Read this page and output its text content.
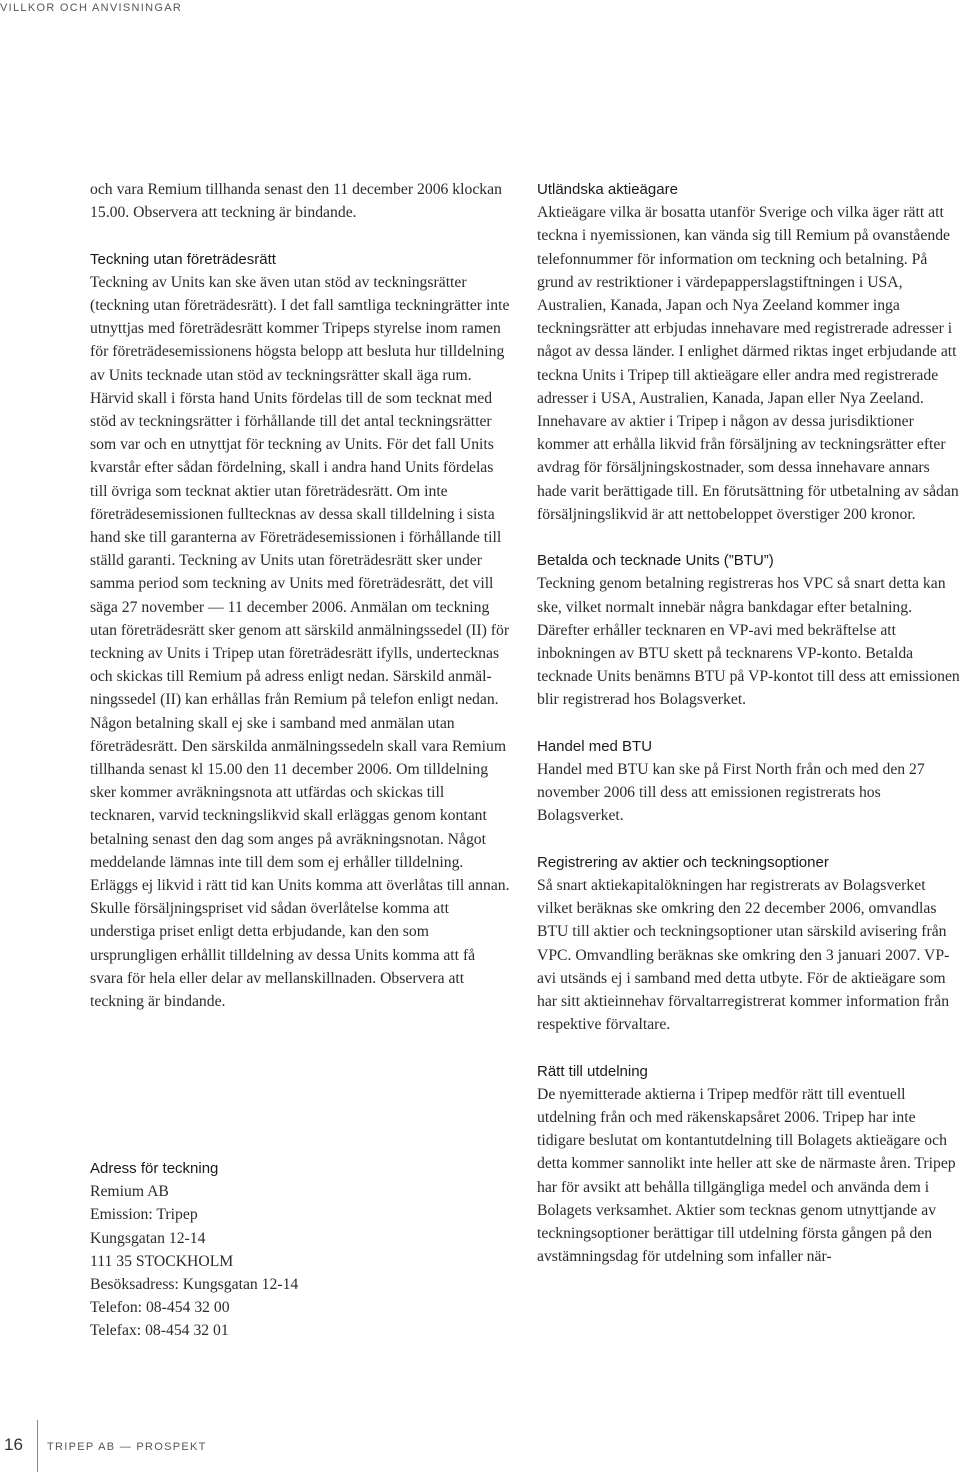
VILLKOR OCH ANVISNINGAR

och vara Remium tillhanda senast den 11 december 2006 klockan 15.00. Observera att teckning är bindande.

Teckning utan företrädesrätt

Teckning av Units kan ske även utan stöd av teckningsrätter (teckning utan företrädesrätt). I det fall samtliga teckningrätter inte utnyttjas med företrädesrätt kommer Tripeps styrelse inom ramen för företrädesemissionens högsta belopp att besluta hur tilldelning av Units tecknade utan stöd av teckningsrätter skall äga rum. Härvid skall i första hand Units fördelas till de som tecknat med stöd av teckningsrätter i förhållande till det antal teckningsrätter som var och en utnyttjat för teckning av Units. För det fall Units kvarstår efter sådan fördelning, skall i andra hand Units fördelas till övriga som tecknat aktier utan företrädesrätt. Om inte företrädesemissionen fulltecknas av dessa skall tilldelning i sista hand ske till garanterna av Företrädesemissionen i förhållande till ställd garanti. Teckning av Units utan företrädesrätt sker under samma period som teckning av Units med företrädesrätt, det vill säga 27 november — 11 december 2006. Anmälan om teckning utan företrädesrätt sker genom att särskild anmälningssedel (II) för teckning av Units i Tripep utan företrädesrätt ifylls, undertecknas och skickas till Remium på adress enligt nedan. Särskild anmälningssedel (II) kan erhållas från Remium på telefon enligt nedan. Någon betalning skall ej ske i samband med anmälan utan företrädesrätt. Den särskilda anmälningssedeln skall vara Remium tillhanda senast kl 15.00 den 11 december 2006. Om tilldelning sker kommer avräkningsnota att utfärdas och skickas till tecknaren, varvid teckningslikvid skall erläggas genom kontant betalning senast den dag som anges på avräkningsnotan. Något meddelande lämnas inte till dem som ej erhåller tilldelning. Erläggs ej likvid i rätt tid kan Units komma att överlåtas till annan. Skulle försäljningspriset vid sådan överlåtelse komma att understiga priset enligt detta erbjudande, kan den som ursprungligen erhållit tilldelning av dessa Units komma att få svara för hela eller delar av mellanskillnaden. Observera att teckning är bindande.

Adress för teckning

Remium AB
Emission: Tripep
Kungsgatan 12-14
111 35 STOCKHOLM
Besöksadress: Kungsgatan 12-14
Telefon: 08-454 32 00
Telefax: 08-454 32 01

Utländska aktieägare

Aktieägare vilka är bosatta utanför Sverige och vilka äger rätt att teckna i nyemissionen, kan vända sig till Remium på ovanstående telefonnummer för information om teckning och betalning. På grund av restriktioner i värdepapperslagstiftningen i USA, Australien, Kanada, Japan och Nya Zeeland kommer inga teckningsrätter att erbjudas innehavare med registrerade adresser i något av dessa länder. I enlighet därmed riktas inget erbjudande att teckna Units i Tripep till aktieägare eller andra med registrerade adresser i USA, Australien, Kanada, Japan eller Nya Zeeland. Innehavare av aktier i Tripep i någon av dessa jurisdiktioner kommer att erhålla likvid från försäljning av teckningsrätter efter avdrag för försäljningskostnader, som dessa innehavare annars hade varit berättigade till. En förutsättning för utbetalning av sådan försäljningslikvid är att nettobeloppet överstiger 200 kronor.

Betalda och tecknade Units (”BTU”)

Teckning genom betalning registreras hos VPC så snart detta kan ske, vilket normalt innebär några bankdagar efter betalning. Därefter erhåller tecknaren en VP-avi med bekräftelse att inbokningen av BTU skett på tecknarens VP-konto. Betalda tecknade Units benämns BTU på VP-kontot till dess att emissionen blir registrerad hos Bolagsverket.

Handel med BTU

Handel med BTU kan ske på First North från och med den 27 november 2006 till dess att emissionen registrerats hos Bolagsverket.

Registrering av aktier och teckningsoptioner

Så snart aktiekapitalökningen har registrerats av Bolagsverket vilket beräknas ske omkring den 22 december 2006, omvandlas BTU till aktier och teckningsoptioner utan särskild avisering från VPC. Omvandling beräknas ske omkring den 3 januari 2007. VP-avi utsänds ej i samband med detta utbyte. För de aktieägare som har sitt aktieinnehav förvaltarregistrerat kommer information från respektive förvaltare.

Rätt till utdelning

De nyemitterade aktierna i Tripep medför rätt till eventuell utdelning från och med räkenskapsåret 2006. Tripep har inte tidigare beslutat om kontantutdelning till Bolagets aktieägare och detta kommer sannolikt inte heller att ske de närmaste åren. Tripep har för avsikt att behålla tillgängliga medel och använda dem i Bolagets verksamhet. Aktier som tecknas genom utnyttjande av teckningsoptioner berättigar till utdelning första gången på den avstämningsdag för utdelning som infaller när-

16 TRIPEP AB — PROSPEKT
